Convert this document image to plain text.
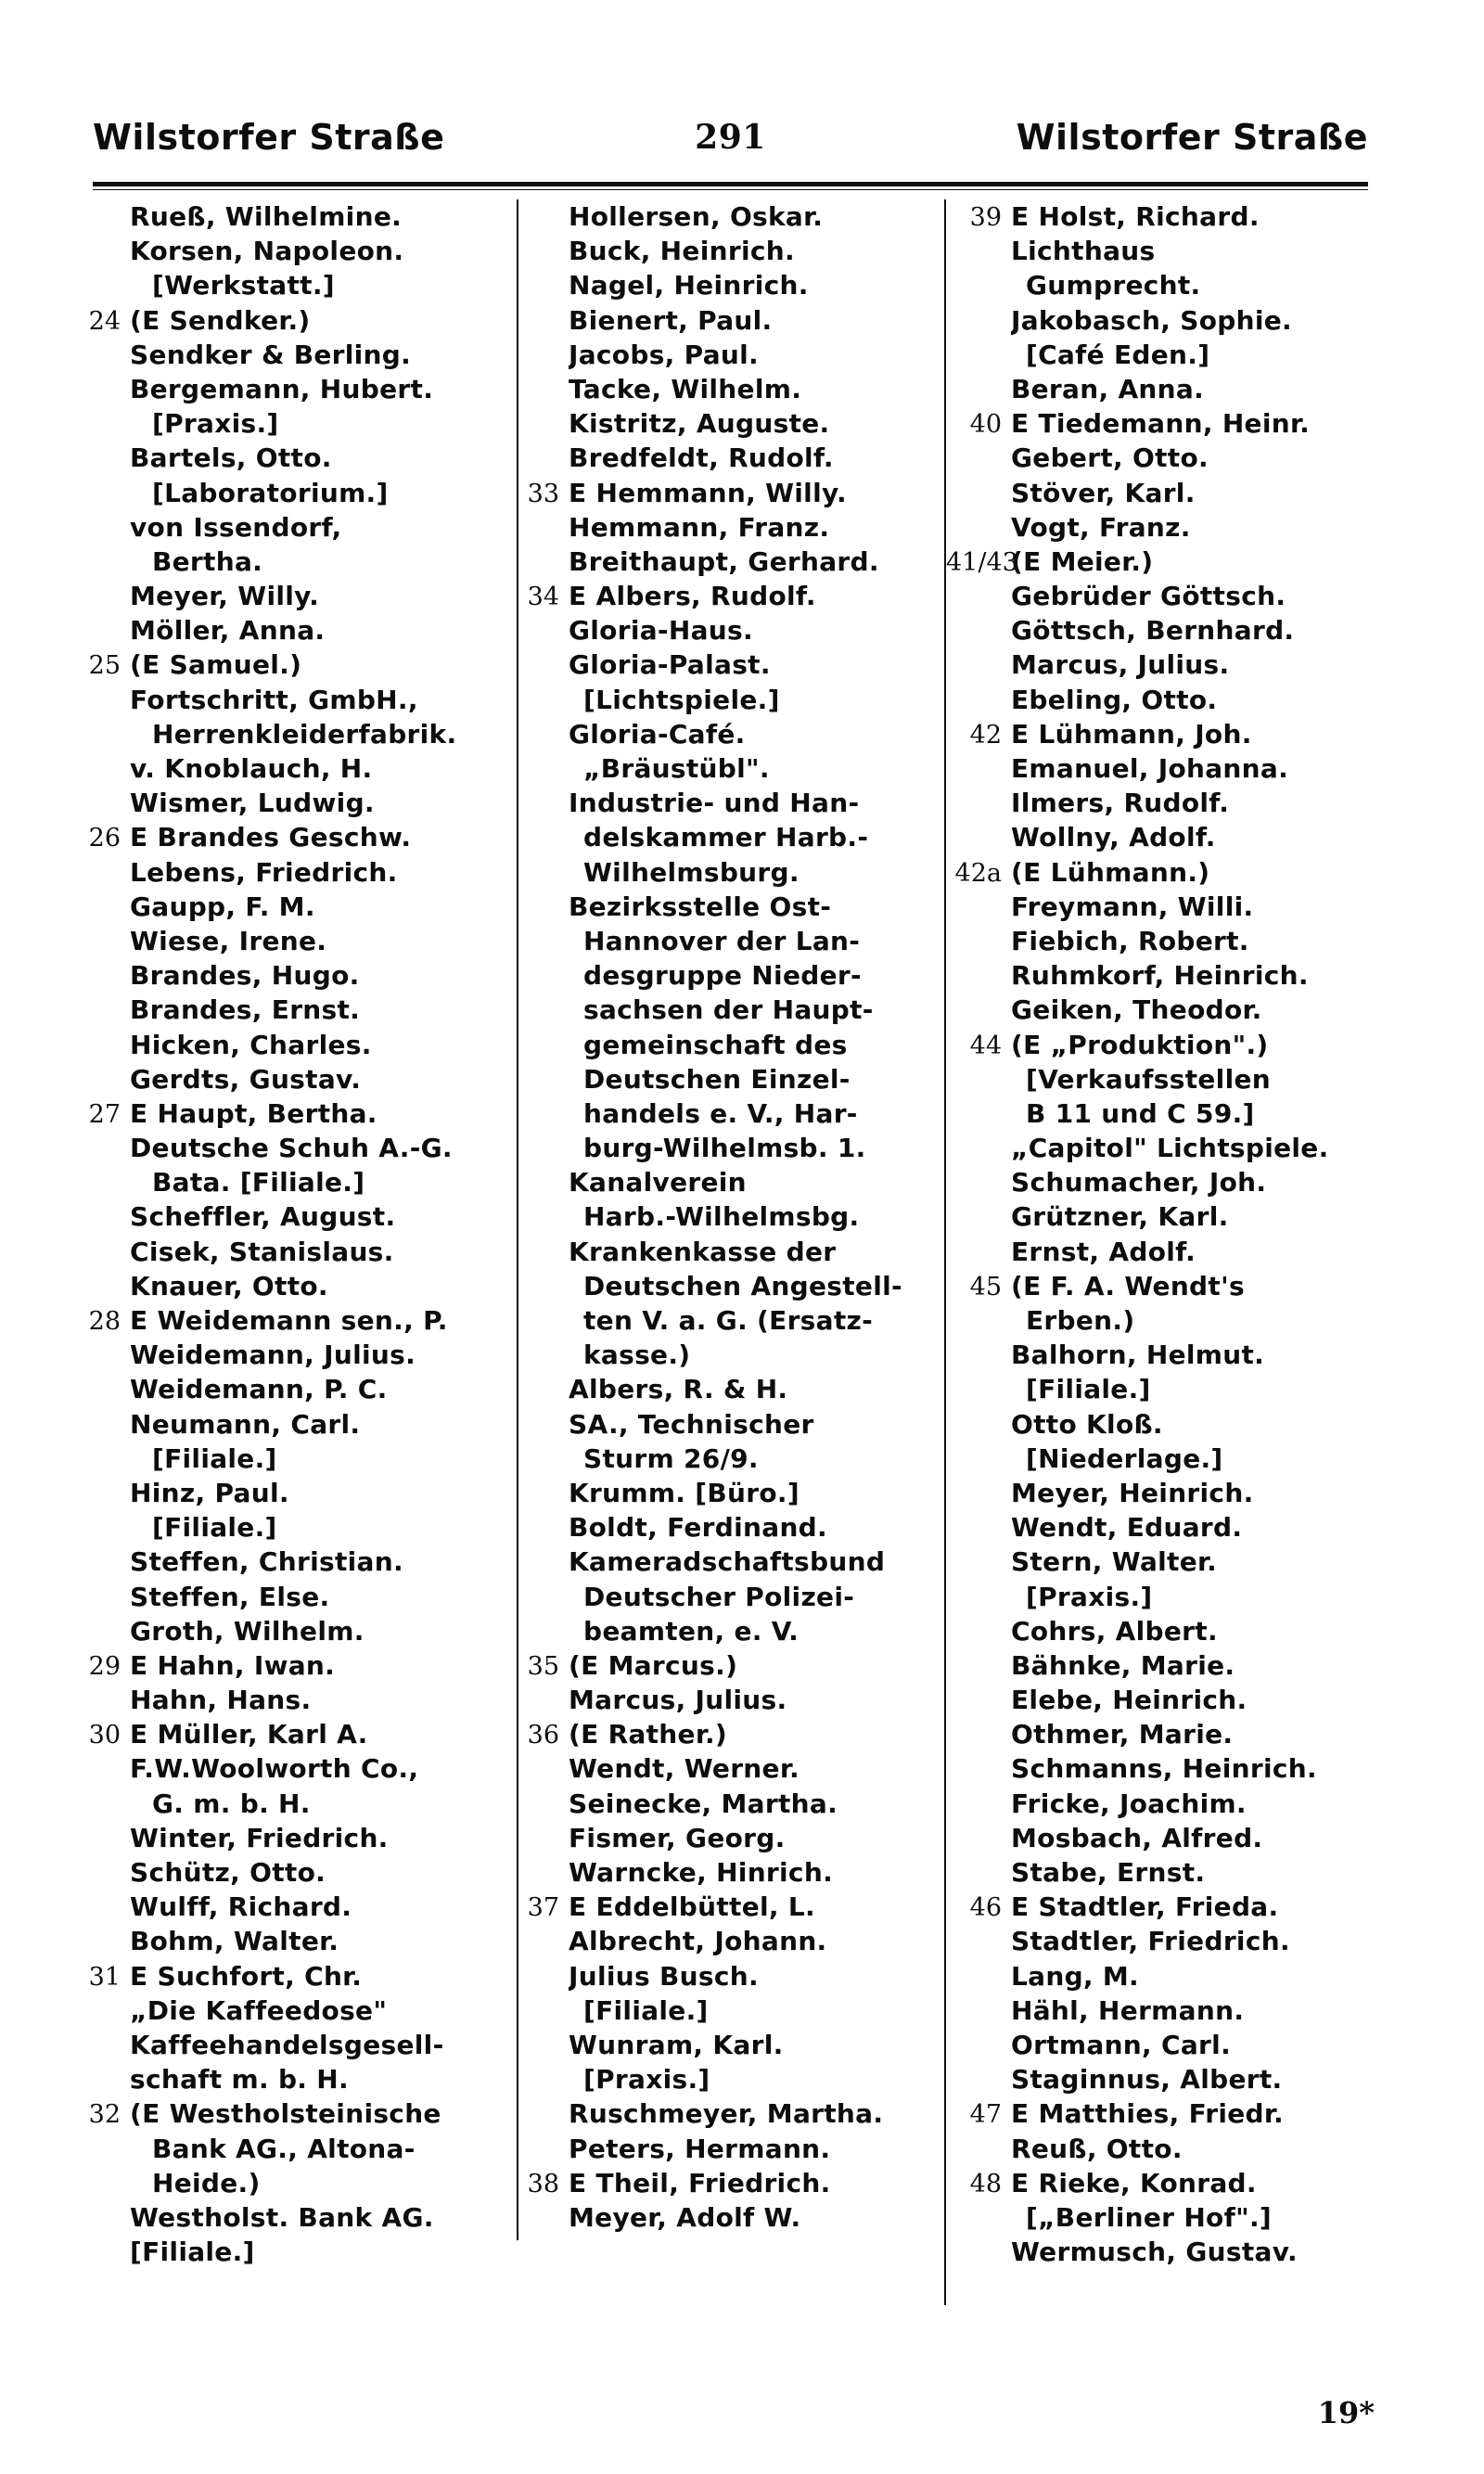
Wilstorfer Straße	291	Wilstorfer Straße
Rueß, Wilhelmine.
Korsen, Napoleon.
[Werkstatt.]
24 (E Sendker.)
Sendker & Berling.
Bergemann, Hubert.
[Praxis.]
Bartels, Otto.
[Laboratorium.]
von Issendorf,
Bertha.
Meyer, Willy.
Möller, Anna.
25 (E Samuel.)
Fortschritt, GmbH.,
Herrenkleiderfabrik.
v. Knoblauch, H.
Wismer, Ludwig.
26 E Brandes Geschw.
Lebens, Friedrich.
Gaupp, F. M.
Wiese, Irene.
Brandes, Hugo.
Brandes, Ernst.
Hicken, Charles.
Gerdts, Gustav.
27 E Haupt, Bertha.
Deutsche Schuh A.-G.
Bata. [Filiale.]
Scheffler, August.
Cisek, Stanislaus.
Knauer, Otto.
28 E Weidemann sen., P.
Weidemann, Julius.
Weidemann, P. C.
Neumann, Carl.
[Filiale.]
Hinz, Paul.
[Filiale.]
Steffen, Christian.
Steffen, Else.
Groth, Wilhelm.
29 E Hahn, Iwan.
Hahn, Hans.
30 E Müller, Karl A.
F.W.Woolworth Co.,
G. m. b. H.
Winter, Friedrich.
Schütz, Otto.
Wulff, Richard.
Bohm, Walter.
31 E Suchfort, Chr.
„Die Kaffeedose"
Kaffeehandelsgesell-
schaft m. b. H.
32 (E Westholsteinische
Bank AG., Altona-
Heide.)
Westholst. Bank AG.
[Filiale.]
Hollersen, Oskar.
Buck, Heinrich.
Nagel, Heinrich.
Bienert, Paul.
Jacobs, Paul.
Tacke, Wilhelm.
Kistritz, Auguste.
Bredfeldt, Rudolf.
33 E Hemmann, Willy.
Hemmann, Franz.
Breithaupt, Gerhard.
34 E Albers, Rudolf.
Gloria-Haus.
Gloria-Palast.
[Lichtspiele.]
Gloria-Café.
„Bräustübl".
Industrie- und Han-
delskammer Harb.-
Wilhelmsburg.
Bezirksstelle Ost-
Hannover der Lan-
desgruppe Nieder-
sachsen der Haupt-
gemeinschaft des
Deutschen Einzel-
handels e. V., Har-
burg-Wilhelmsb. 1.
Kanalverein
Harb.-Wilhelmsbg.
Krankenkasse der
Deutschen Angestell-
ten V. a. G. (Ersatz-
kasse.)
Albers, R. & H.
SA., Technischer
Sturm 26/9.
Krumm. [Büro.]
Boldt, Ferdinand.
Kameradschaftsbund
Deutscher Polizei-
beamten, e. V.
35 (E Marcus.)
Marcus, Julius.
36 (E Rather.)
Wendt, Werner.
Seinecke, Martha.
Fismer, Georg.
Warncke, Hinrich.
37 E Eddelbüttel, L.
Albrecht, Johann.
Julius Busch.
[Filiale.]
Wunram, Karl.
[Praxis.]
Ruschmeyer, Martha.
Peters, Hermann.
38 E Theil, Friedrich.
Meyer, Adolf W.
39 E Holst, Richard.
Lichthaus
Gumprecht.
Jakobasch, Sophie.
[Café Eden.]
Beran, Anna.
40 E Tiedemann, Heinr.
Gebert, Otto.
Stöver, Karl.
Vogt, Franz.
41/43
(E Meier.)
Gebrüder Göttsch.
Göttsch, Bernhard.
Marcus, Julius.
Ebeling, Otto.
42 E Lühmann, Joh.
Emanuel, Johanna.
Ilmers, Rudolf.
Wollny, Adolf.
42a (E Lühmann.)
Freymann, Willi.
Fiebich, Robert.
Ruhmkorf, Heinrich.
Geiken, Theodor.
44 (E „Produktion".)
[Verkaufsstellen
B 11 und C 59.]
„Capitol" Lichtspiele.
Schumacher, Joh.
Grützner, Karl.
Ernst, Adolf.
45 (E F. A. Wendt's
Erben.)
Balhorn, Helmut.
[Filiale.]
Otto Kloß.
[Niederlage.]
Meyer, Heinrich.
Wendt, Eduard.
Stern, Walter.
[Praxis.]
Cohrs, Albert.
Bähnke, Marie.
Elebe, Heinrich.
Othmer, Marie.
Schmanns, Heinrich.
Fricke, Joachim.
Mosbach, Alfred.
Stabe, Ernst.
46 E Stadtler, Frieda.
Stadtler, Friedrich.
Lang, M.
Hähl, Hermann.
Ortmann, Carl.
Staginnus, Albert.
47 E Matthies, Friedr.
Reuß, Otto.
48 E Rieke, Konrad.
[„Berliner Hof".]
Wermusch, Gustav.
19*
